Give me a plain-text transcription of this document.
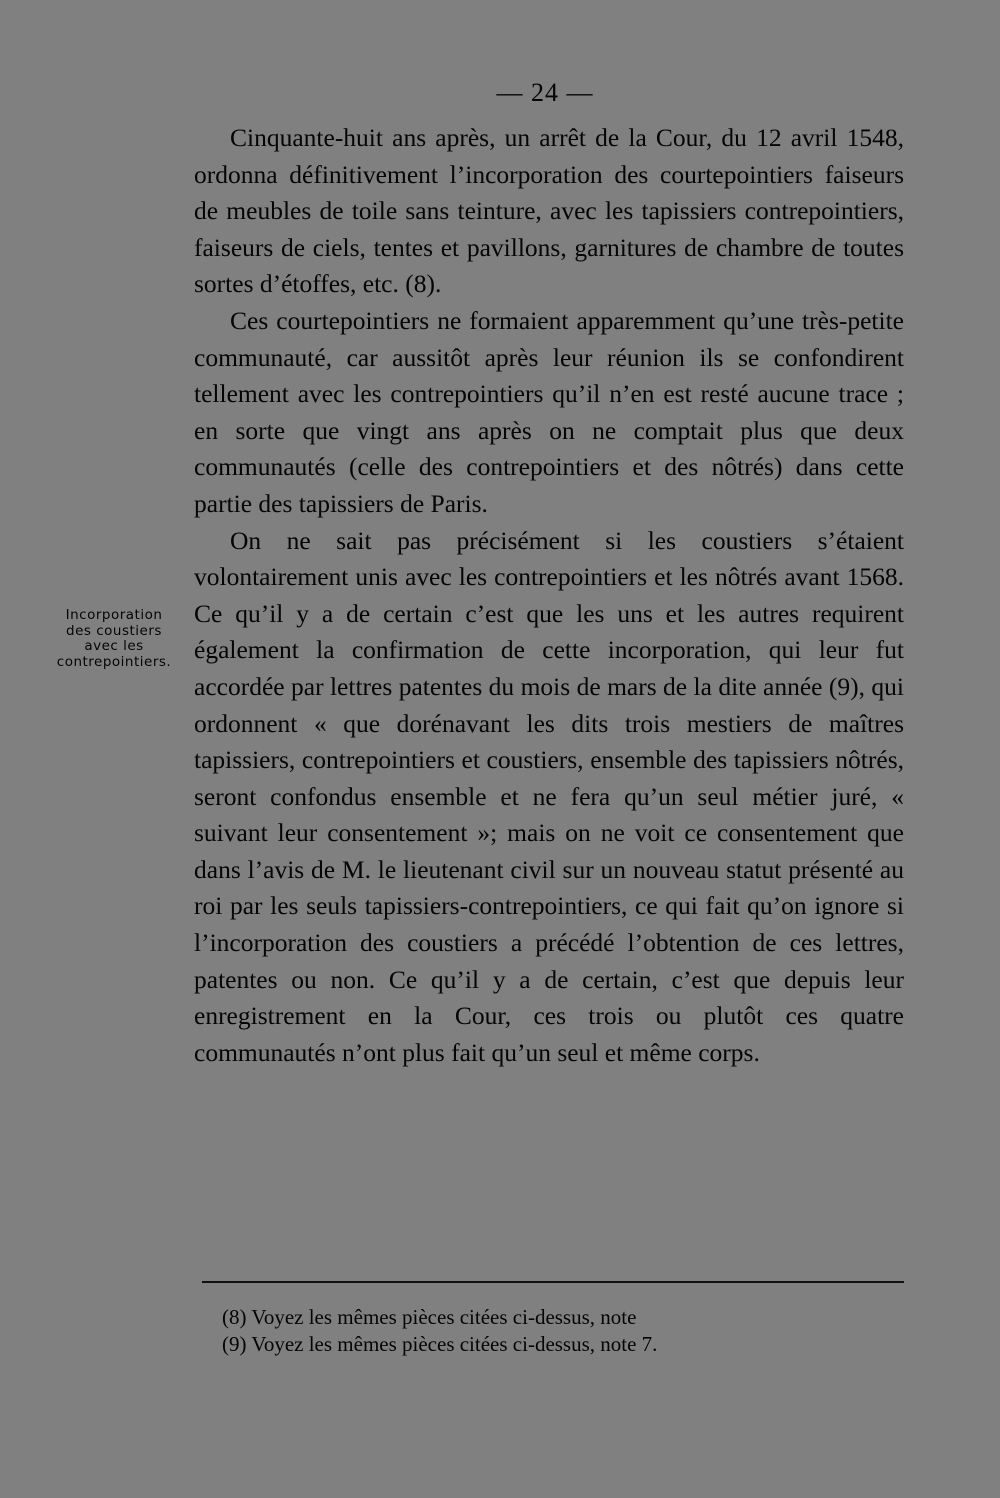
— 24 —
Incorporation
des coustiers
avec les
contrepointiers.

Cinquante-huit ans après, un arrêt de la Cour, du 12 avril 1548, ordonna définitivement l’incorporation des courtepointiers faiseurs de meubles de toile sans teinture, avec les tapissiers contrepointiers, faiseurs de ciels, tentes et pavillons, garnitures de chambre de toutes sortes d’étoffes, etc. (8).

Ces courtepointiers ne formaient apparemment qu’une très-petite communauté, car aussitôt après leur réunion ils se confondirent tellement avec les contrepointiers qu’il n’en est resté aucune trace ; en sorte que vingt ans après on ne comptait plus que deux communautés (celle des contrepointiers et des nôtrés) dans cette partie des tapissiers de Paris.

On ne sait pas précisément si les coustiers s’étaient volontairement unis avec les contrepointiers et les nôtrés avant 1568. Ce qu’il y a de certain c’est que les uns et les autres requirent également la confirmation de cette incorporation, qui leur fut accordée par lettres patentes du mois de mars de la dite année (9), qui ordonnent « que dorénavant les dits trois mestiers de maîtres tapissiers, contrepointiers et coustiers, ensemble des tapissiers nôtrés, seront confondus ensemble et ne fera qu’un seul métier juré, « suivant leur consentement »; mais on ne voit ce consentement que dans l’avis de M. le lieutenant civil sur un nouveau statut présenté au roi par les seuls tapissiers-contrepointiers, ce qui fait qu’on ignore si l’incorporation des coustiers a précédé l’obtention de ces lettres, patentes ou non. Ce qu’il y a de certain, c’est que depuis leur enregistrement en la Cour, ces trois ou plutôt ces quatre communautés n’ont plus fait qu’un seul et même corps.

(8) Voyez les mêmes pièces citées ci-dessus, note

(9) Voyez les mêmes pièces citées ci-dessus, note 7.
